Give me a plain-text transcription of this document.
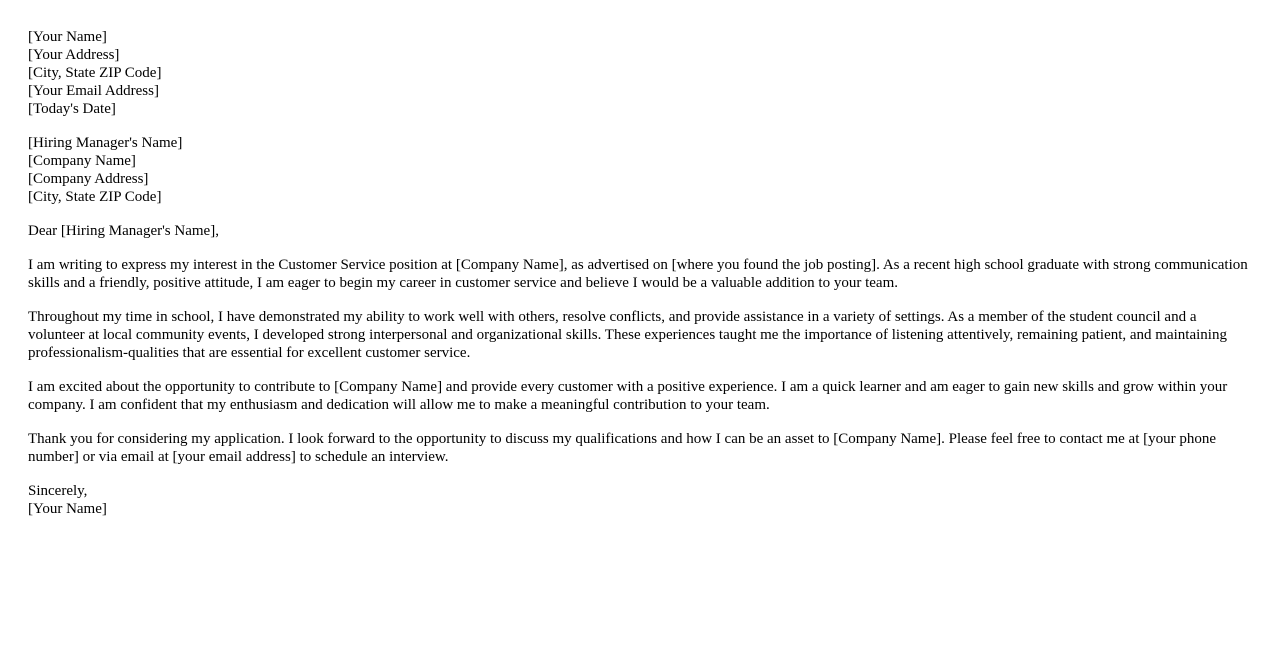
[Your Name]
[Your Address]
[City, State ZIP Code]
[Your Email Address]
[Today's Date]
[Hiring Manager's Name]
[Company Name]
[Company Address]
[City, State ZIP Code]

Dear [Hiring Manager's Name],

I am writing to express my interest in the Customer Service position at [Company Name], as advertised on [where you found the job posting]. As a recent high school graduate with strong communication skills and a friendly, positive attitude, I am eager to begin my career in customer service and believe I would be a valuable addition to your team.

Throughout my time in school, I have demonstrated my ability to work well with others, resolve conflicts, and provide assistance in a variety of settings. As a member of the student council and a volunteer at local community events, I developed strong interpersonal and organizational skills. These experiences taught me the importance of listening attentively, remaining patient, and maintaining professionalism-qualities that are essential for excellent customer service.

I am excited about the opportunity to contribute to [Company Name] and provide every customer with a positive experience. I am a quick learner and am eager to gain new skills and grow within your company. I am confident that my enthusiasm and dedication will allow me to make a meaningful contribution to your team.

Thank you for considering my application. I look forward to the opportunity to discuss my qualifications and how I can be an asset to [Company Name]. Please feel free to contact me at [your phone number] or via email at [your email address] to schedule an interview.

Sincerely,
[Your Name]
